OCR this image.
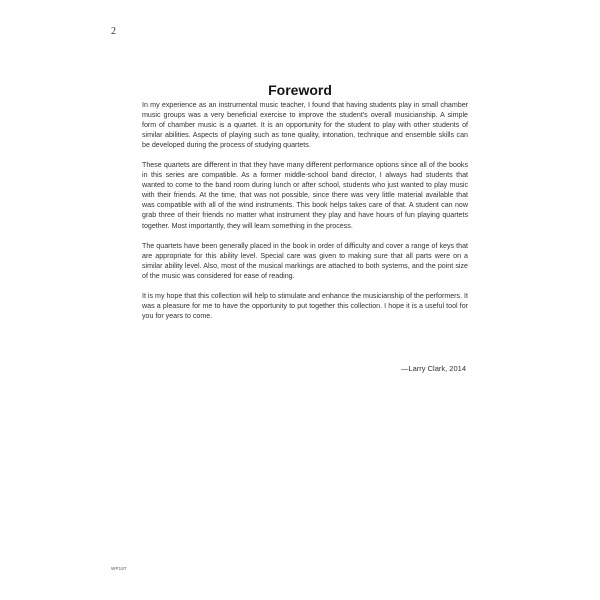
2
Foreword

In my experience as an instrumental music teacher, I found that having students play in small chamber music groups was a very beneficial exercise to improve the student's overall musicianship. A simple form of chamber music is a quartet. It is an opportunity for the student to play with other students of similar abilities. Aspects of playing such as tone quality, intonation, technique and ensemble skills can be developed during the process of studying quartets.

These quartets are different in that they have many different performance options since all of the books in this series are compatible. As a former middle-school band director, I always had students that wanted to come to the band room during lunch or after school, students who just wanted to play music with their friends. At the time, that was not possible, since there was very little material available that was compatible with all of the wind instruments. This book helps takes care of that. A student can now grab three of their friends no matter what instrument they play and have hours of fun playing quartets together. Most importantly, they will learn something in the process.

The quartets have been generally placed in the book in order of difficulty and cover a range of keys that are appropriate for this ability level. Special care was given to making sure that all parts were on a similar ability level. Also, most of the musical markings are attached to both systems, and the point size of the music was considered for ease of reading.

It is my hope that this collection will help to stimulate and enhance the musicianship of the performers. It was a pleasure for me to have the opportunity to put together this collection. I hope it is a useful tool for you for years to come.

—Larry Clark, 2014
WP187
